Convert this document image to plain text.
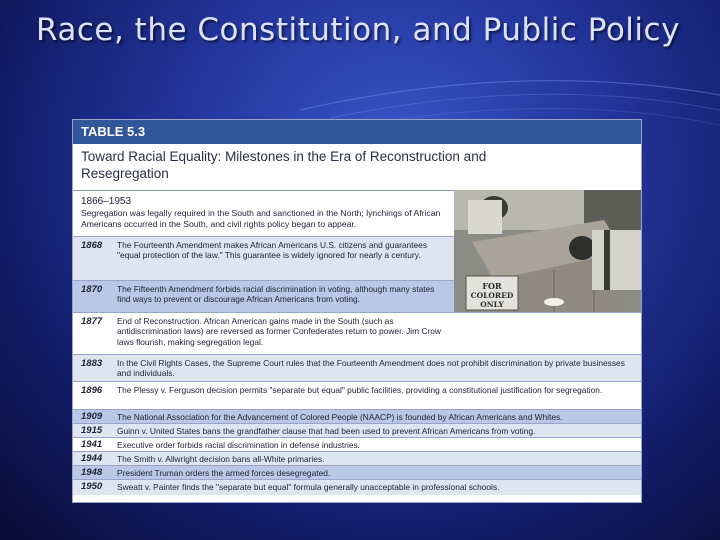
Race, the Constitution, and Public Policy
TABLE 5.3
Toward Racial Equality: Milestones in the Era of Reconstruction and Resegregation
1866–1953
Segregation was legally required in the South and sanctioned in the North; lynchings of African Americans occurred in the South, and civil rights policy began to appear.
FOR
COLORED
ONLY
1868 The Fourteenth Amendment makes African Americans U.S. citizens and guarantees "equal protection of the law." This guarantee is widely ignored for nearly a century.
1870 The Fifteenth Amendment forbids racial discrimination in voting, although many states find ways to prevent or discourage African Americans from voting.
1877 End of Reconstruction. African American gains made in the South (such as antidiscrimination laws) are reversed as former Confederates return to power. Jim Crow laws flourish, making segregation legal.
1883 In the Civil Rights Cases, the Supreme Court rules that the Fourteenth Amendment does not prohibit discrimination by private businesses and individuals.
1896 The Plessy v. Ferguson decision permits "separate but equal" public facilities, providing a constitutional justification for segregation.
1909 The National Association for the Advancement of Colored People (NAACP) is founded by African Americans and Whites.
1915 Guinn v. United States bans the grandfather clause that had been used to prevent African Americans from voting.
1941 Executive order forbids racial discrimination in defense industries.
1944 The Smith v. Allwright decision bans all-White primaries.
1948 President Truman orders the armed forces desegregated.
1950 Sweatt v. Painter finds the "separate but equal" formula generally unacceptable in professional schools.
